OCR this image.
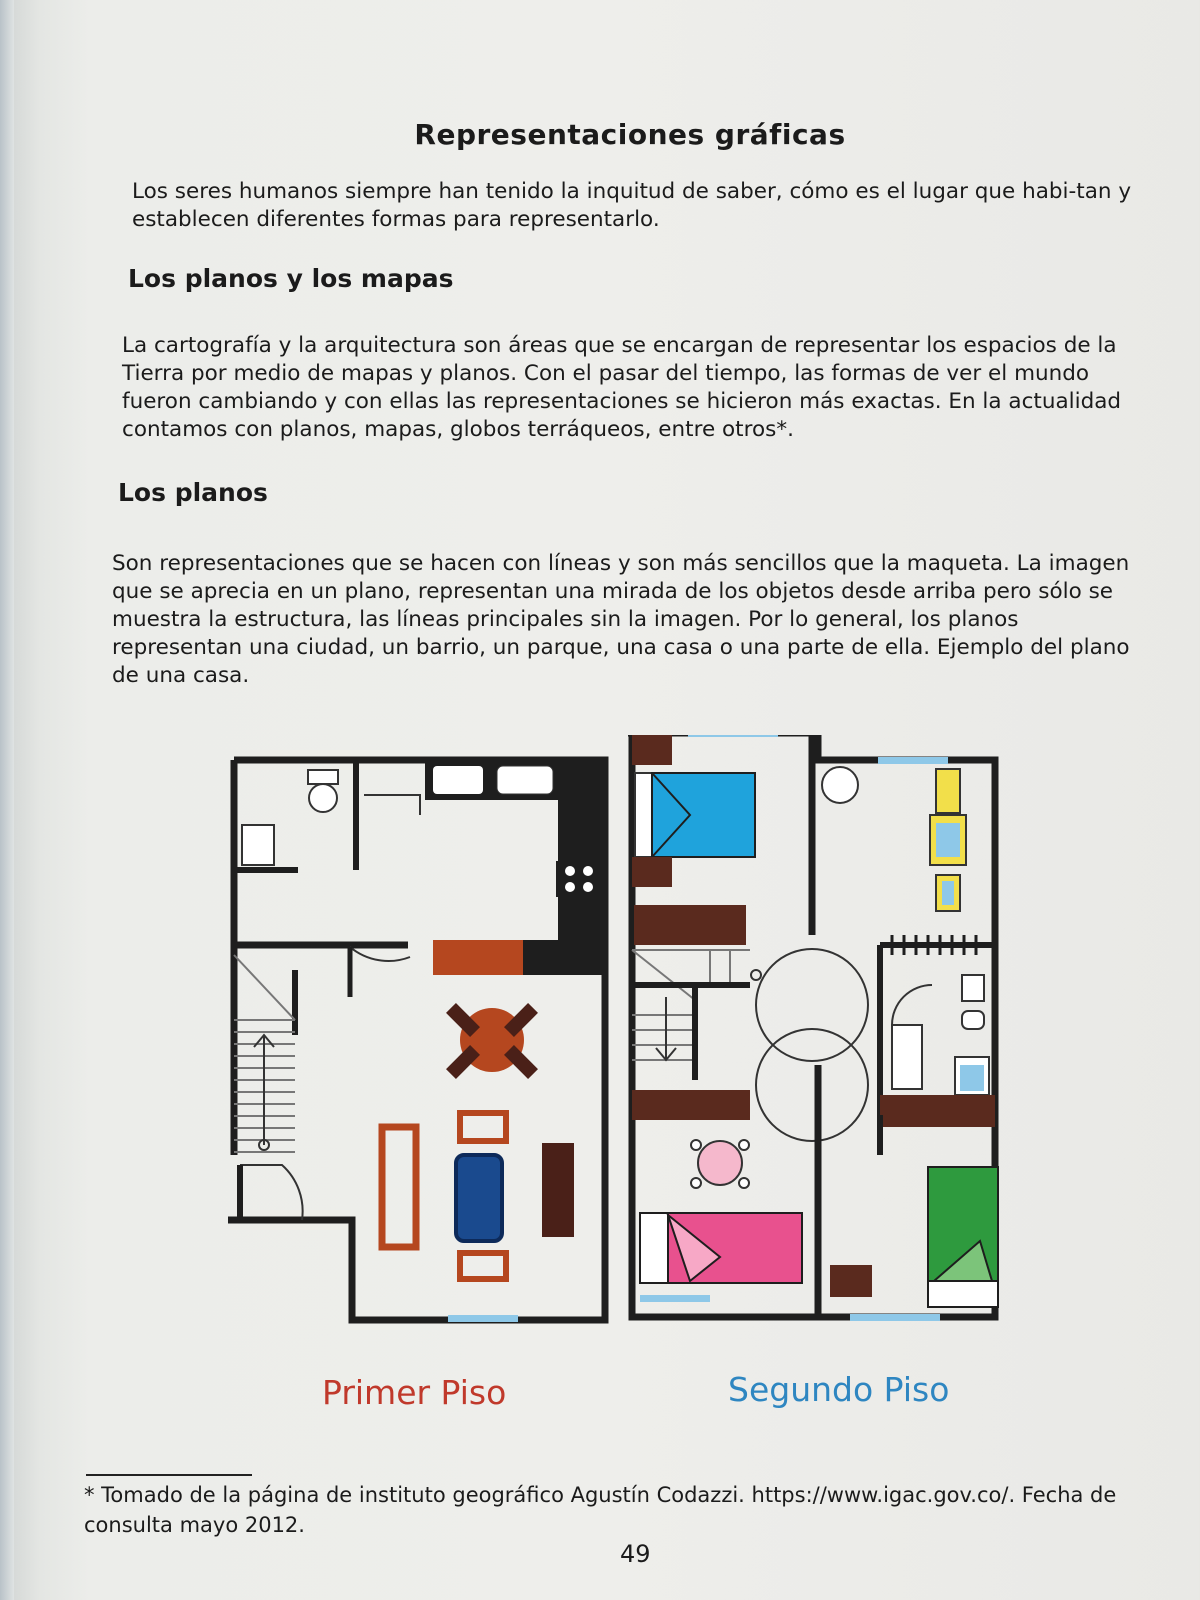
Representaciones gráficas
Los seres humanos siempre han tenido la inquitud de saber, cómo es el lugar que habi-tan y establecen diferentes formas para representarlo.
Los planos y los mapas
La cartografía y la arquitectura son áreas que se encargan de representar los espacios de la Tierra por medio de mapas y planos. Con el pasar del tiempo, las formas de ver el mundo fueron cambiando y con ellas las representaciones se hicieron más exactas. En la actualidad contamos con planos, mapas, globos terráqueos, entre otros*.
Los planos
Son representaciones que se hacen con líneas y son más sencillos que la maqueta. La imagen que se aprecia en un plano, representan una mirada de los objetos desde arriba pero sólo se muestra la estructura, las líneas principales sin la imagen. Por lo general, los planos representan una ciudad, un barrio, un parque, una casa o una parte de ella. Ejemplo del plano de una casa.
Primer Piso	Segundo Piso
* Tomado de la página de instituto geográfico Agustín Codazzi. https://www.igac.gov.co/. Fecha de consulta mayo 2012.
49
